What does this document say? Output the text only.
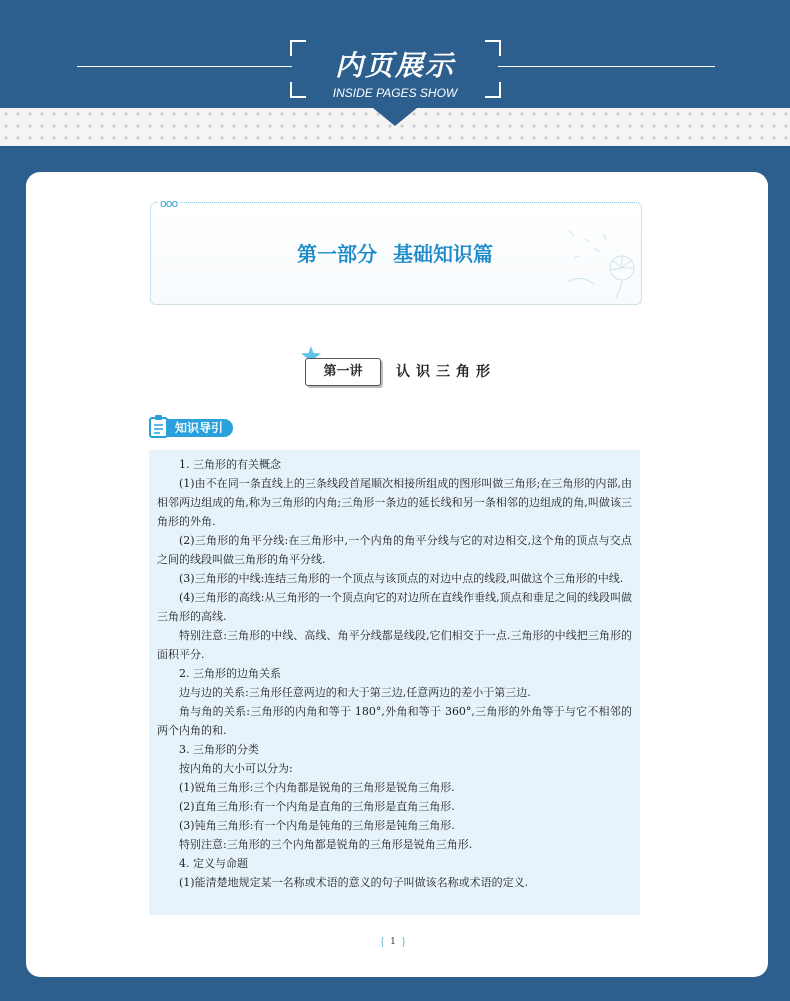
内页展示
INSIDE PAGES SHOW
ooo
第一部分 基础知识篇
第一讲	认识三角形
知识导引

1. 三角形的有关概念

(1)由不在同一条直线上的三条线段首尾顺次相接所组成的图形叫做三角形;在三角形的内部,由相邻两边组成的角,称为三角形的内角;三角形一条边的延长线和另一条相邻的边组成的角,叫做该三角形的外角.

(2)三角形的角平分线:在三角形中,一个内角的角平分线与它的对边相交,这个角的顶点与交点之间的线段叫做三角形的角平分线.

(3)三角形的中线:连结三角形的一个顶点与该顶点的对边中点的线段,叫做这个三角形的中线.

(4)三角形的高线:从三角形的一个顶点向它的对边所在直线作垂线,顶点和垂足之间的线段叫做三角形的高线.

特别注意:三角形的中线、高线、角平分线都是线段,它们相交于一点.三角形的中线把三角形的面积平分.

2. 三角形的边角关系

边与边的关系:三角形任意两边的和大于第三边,任意两边的差小于第三边.

角与角的关系:三角形的内角和等于 180°,外角和等于 360°,三角形的外角等于与它不相邻的两个内角的和.

3. 三角形的分类

按内角的大小可以分为:

(1)锐角三角形:三个内角都是锐角的三角形是锐角三角形.

(2)直角三角形:有一个内角是直角的三角形是直角三角形.

(3)钝角三角形:有一个内角是钝角的三角形是钝角三角形.

特别注意:三角形的三个内角都是锐角的三角形是锐角三角形.

4. 定义与命题

(1)能清楚地规定某一名称或术语的意义的句子叫做该名称或术语的定义.

1
